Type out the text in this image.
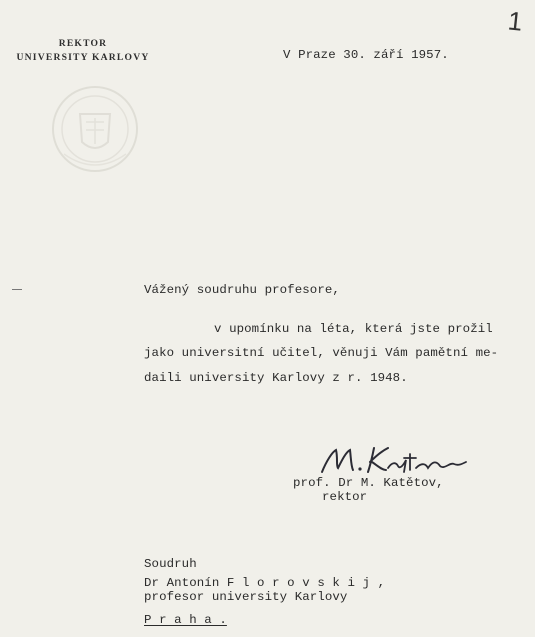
REKTOR
UNIVERSITY KARLOVY
1
V Praze 30. září 1957.
Vážený soudruhu profesore,
v upomínku na léta, která jste prožil
jako universitní učitel, věnuji Vám pamětní me-
daili university Karlovy z r. 1948.
prof. Dr M. Katětov,
rektor
Soudruh
Dr Antonín F l o r o v s k i j ,
profesor university Karlovy
P r a h a .
